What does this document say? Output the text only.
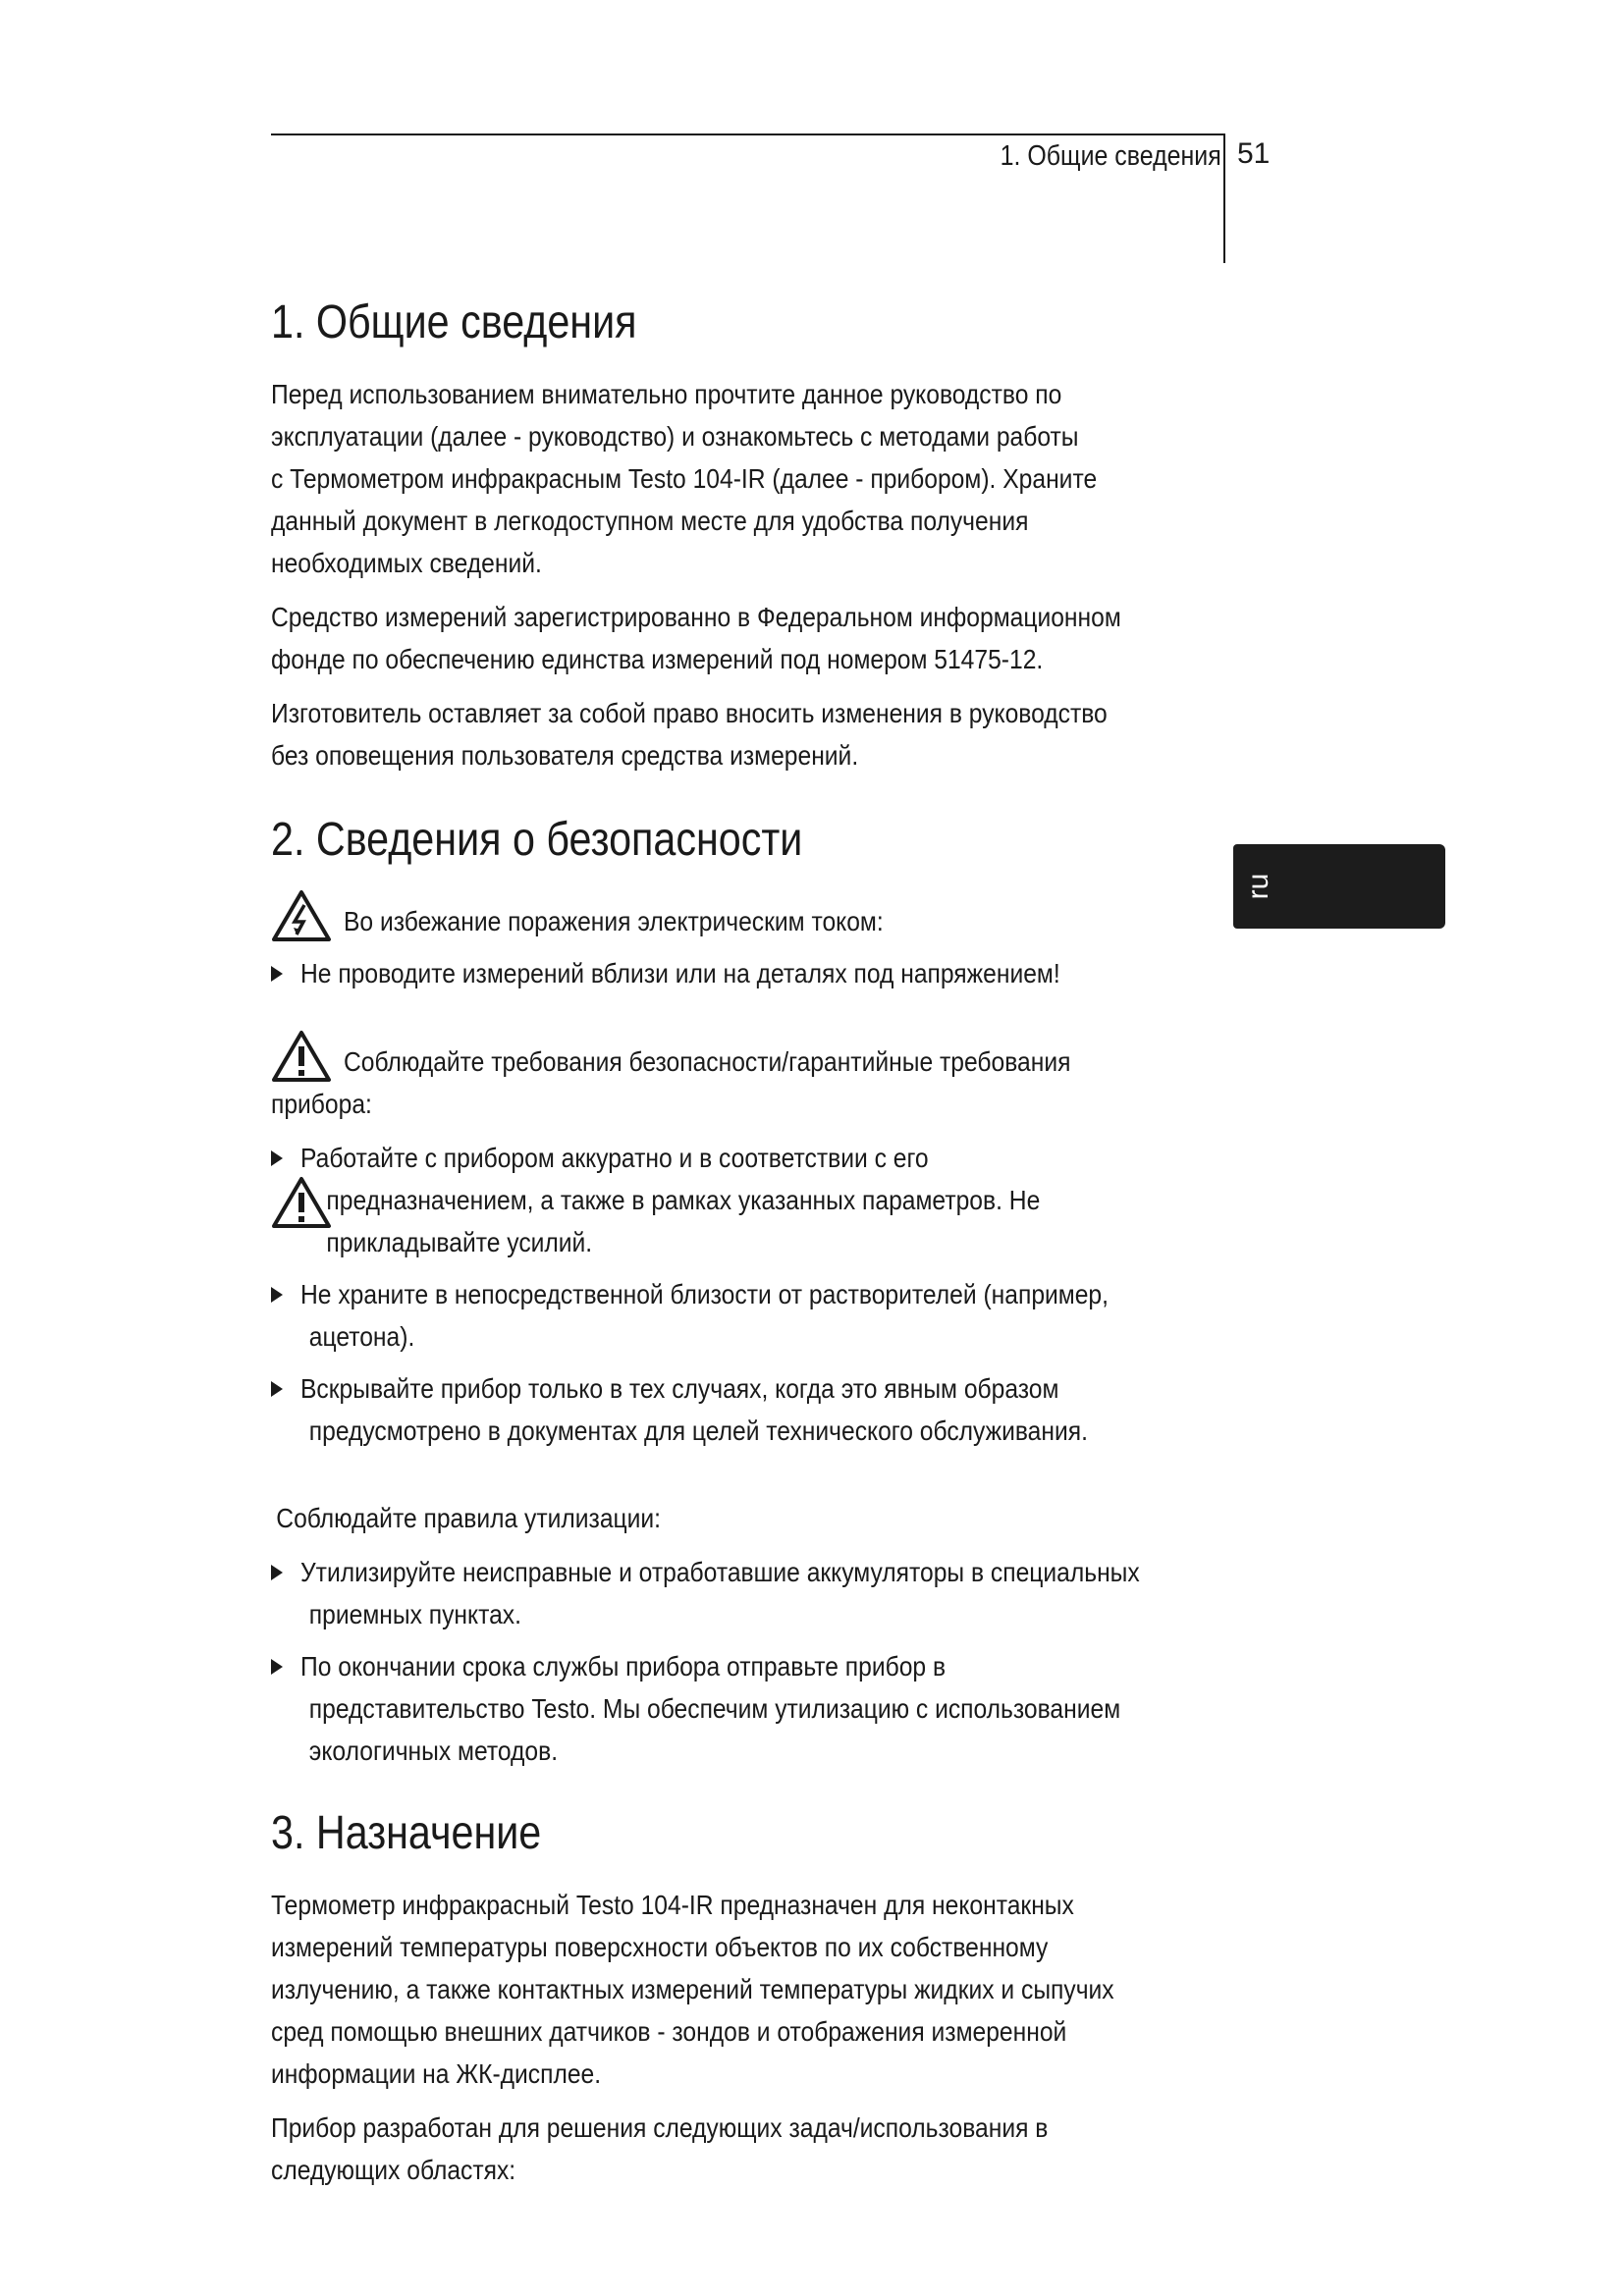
1. Общие сведения 51
ru
1. Общие сведения
Перед использованием внимательно прочтите данное руководство по
эксплуатации (далее - руководство) и ознакомьтесь с методами работы
с Термометром инфракрасным Testo 104-IR (далее - прибором). Храните
данный документ в легкодоступном месте для удобства получения
необходимых сведений.
Средство измерений зарегистрированно в Федеральном информационном
фонде по обеспечению единства измерений под номером 51475-12.
Изготовитель оставляет за собой право вносить изменения в руководство
без оповещения пользователя средства измерений.
2. Сведения о безопасности
Во избежание поражения электрическим током:
Не проводите измерений вблизи или на деталях под напряжением!
Соблюдайте требования безопасности/гарантийные требования
прибора:
Работайте с прибором аккуратно и в соответствии с его
предназначением, а также в рамках указанных параметров. Не
прикладывайте усилий.
Не храните в непосредственной близости от растворителей (например,
ацетона).
Вскрывайте прибор только в тех случаях, когда это явным образом
предусмотрено в документах для целей технического обслуживания.
Соблюдайте правила утилизации:
Утилизируйте неисправные и отработавшие аккумуляторы в специальных
приемных пунктах.
По окончании срока службы прибора отправьте прибор в
представительство Testo. Мы обеспечим утилизацию с использованием
экологичных методов.
3. Назначение
Термометр инфракрасный Testo 104-IR предназначен для неконтакных
измерений температуры поверсхности объектов по их собственному
излучению, а также контактных измерений температуры жидких и сыпучих
сред помощью внешних датчиков - зондов и отображения измеренной
информации на ЖК-дисплее.
Прибор разработан для решения следующих задач/использования в
следующих областях:
